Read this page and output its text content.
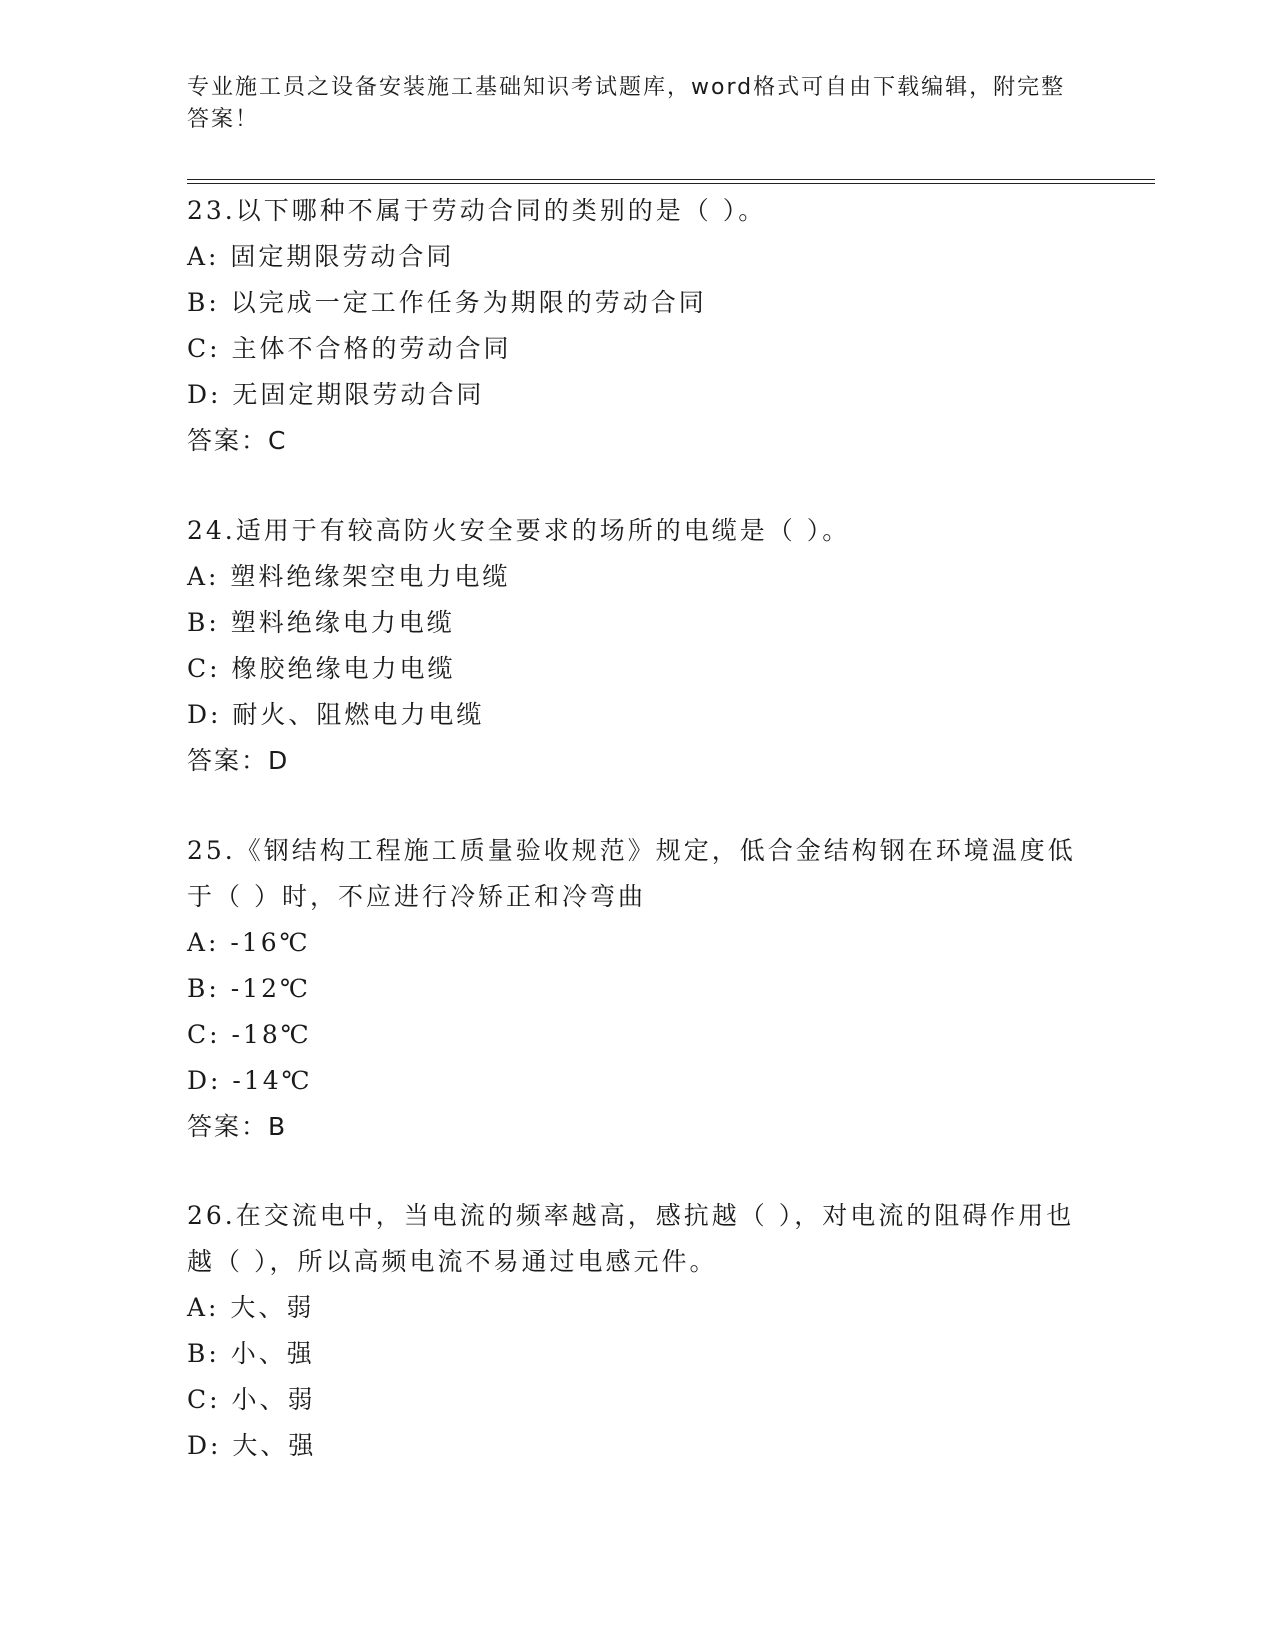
专业施工员之设备安装施工基础知识考试题库，word格式可自由下载编辑，附完整答案！

23.以下哪种不属于劳动合同的类别的是（ ）。

A: 固定期限劳动合同

B: 以完成一定工作任务为期限的劳动合同

C: 主体不合格的劳动合同

D: 无固定期限劳动合同

答案：C

24.适用于有较高防火安全要求的场所的电缆是（ ）。

A: 塑料绝缘架空电力电缆

B: 塑料绝缘电力电缆

C: 橡胶绝缘电力电缆

D: 耐火、阻燃电力电缆

答案：D

25.《钢结构工程施工质量验收规范》规定，低合金结构钢在环境温度低于（ ）时，不应进行冷矫正和冷弯曲

A: -16℃

B: -12℃

C: -18℃

D: -14℃

答案：B

26.在交流电中，当电流的频率越高，感抗越（ ），对电流的阻碍作用也越（ ），所以高频电流不易通过电感元件。

A: 大、弱

B: 小、强

C: 小、弱

D: 大、强
